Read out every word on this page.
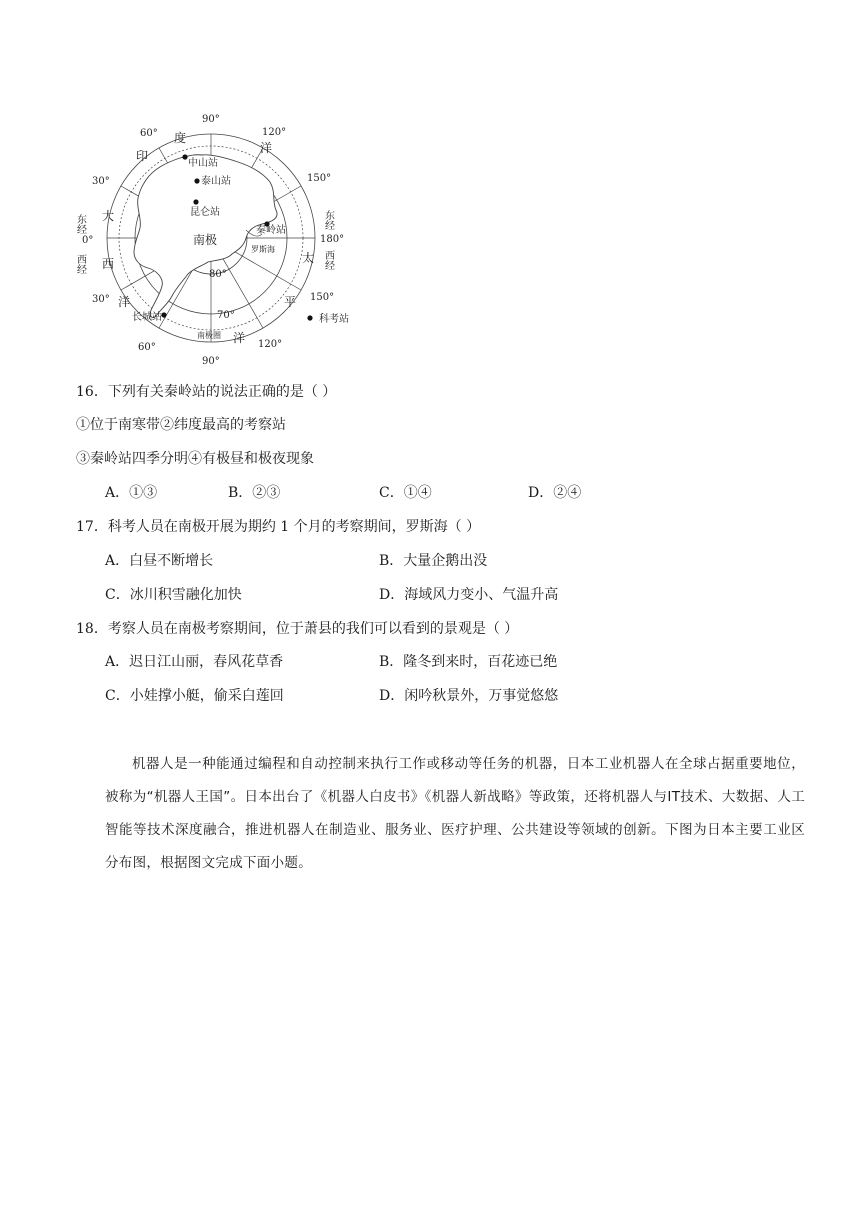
90°
60°	120°
30°	150°
0°	180°
30°	150°
60°	120°
90°
80°
70°
东经
西经
东经
西经
度
洋
印
大
西
洋
太
平
洋
南极
罗斯海
南极圈
中山站
泰山站
昆仑站
秦岭站
长城站	科考站
16．下列有关秦岭站的说法正确的是（ ）
①位于南寒带②纬度最高的考察站
③秦岭站四季分明④有极昼和极夜现象
A．①③	B．②③	C．①④	D．②④
17．科考人员在南极开展为期约 1 个月的考察期间，罗斯海（ ）
A．白昼不断增长	B．大量企鹅出没
C．冰川积雪融化加快	D．海域风力变小、气温升高
18．考察人员在南极考察期间，位于萧县的我们可以看到的景观是（ ）
A．迟日江山丽，春风花草香	B．隆冬到来时，百花迹已绝
C．小娃撑小艇，偷采白莲回	D．闲吟秋景外，万事觉悠悠
机器人是一种能通过编程和自动控制来执行工作或移动等任务的机器，日本工业机器人在全球占据重要地位，被称为“机器人王国”。日本出台了《机器人白皮书》《机器人新战略》等政策，还将机器人与IT技术、大数据、人工智能等技术深度融合，推进机器人在制造业、服务业、医疗护理、公共建设等领域的创新。下图为日本主要工业区分布图，根据图文完成下面小题。
